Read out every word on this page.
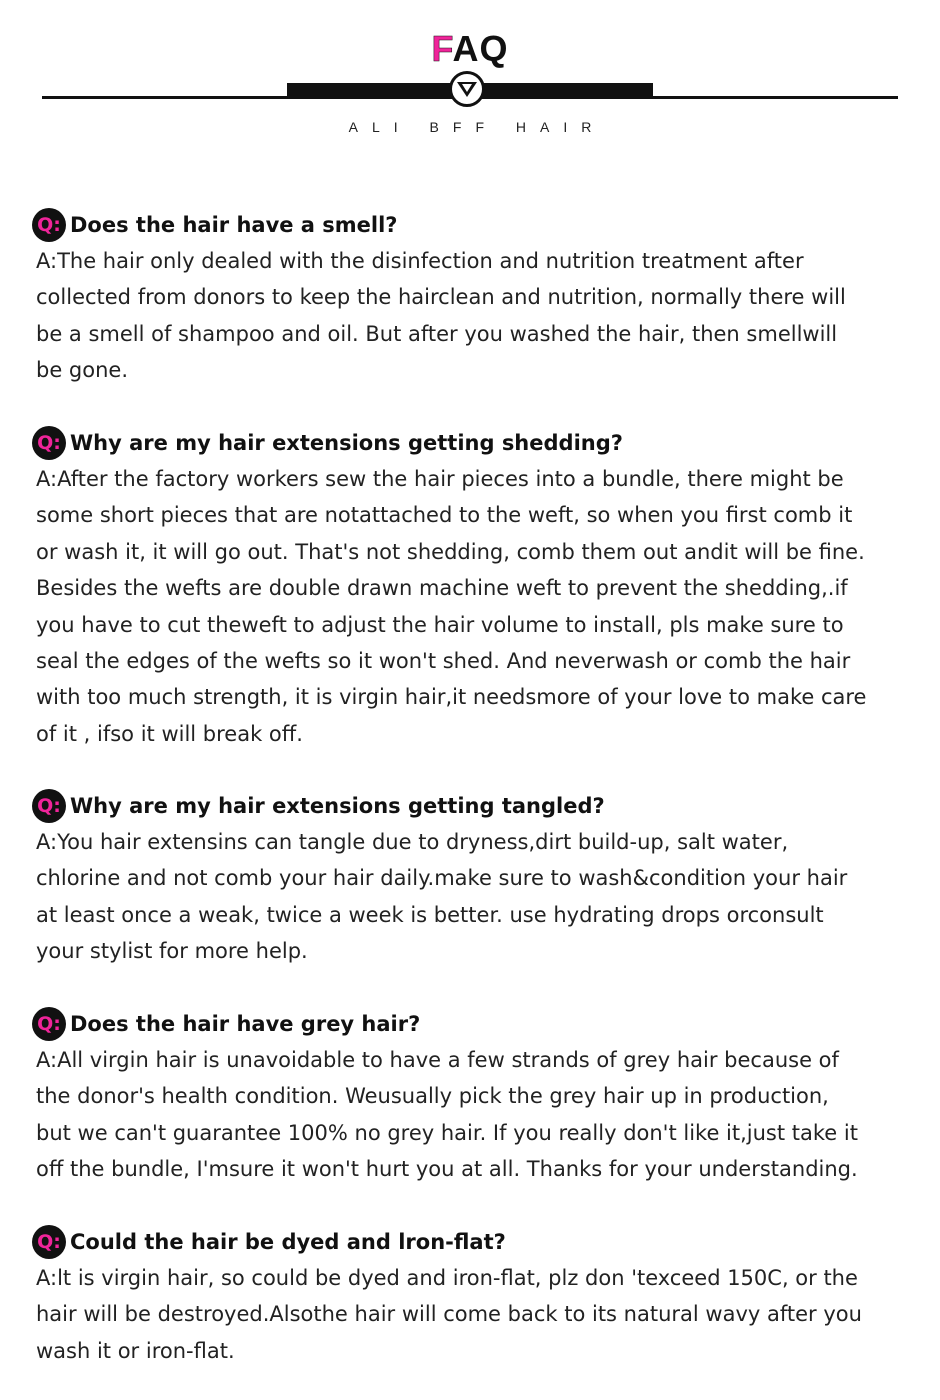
FAQ
ALI BFF HAIR
Q: Does the hair have a smell?

A:The hair only dealed with the disinfection and nutrition treatment after
collected from donors to keep the hairclean and nutrition, normally there will
be a smell of shampoo and oil. But after you washed the hair, then smellwill
be gone.

Q: Why are my hair extensions getting shedding?

A:After the factory workers sew the hair pieces into a bundle, there might be
some short pieces that are notattached to the weft, so when you first comb it
or wash it, it will go out. That's not shedding, comb them out andit will be fine.
Besides the wefts are double drawn machine weft to prevent the shedding,.if
you have to cut theweft to adjust the hair volume to install, pls make sure to
seal the edges of the wefts so it won't shed. And neverwash or comb the hair
with too much strength, it is virgin hair,it needsmore of your love to make care
of it , ifso it will break off.

Q: Why are my hair extensions getting tangled?

A:You hair extensins can tangle due to dryness,dirt build-up, salt water,
chlorine and not comb your hair daily.make sure to wash&condition your hair
at least once a weak, twice a week is better. use hydrating drops orconsult
your stylist for more help.

Q: Does the hair have grey hair?

A:All virgin hair is unavoidable to have a few strands of grey hair because of
the donor's health condition. Weusually pick the grey hair up in production,
but we can't guarantee 100% no grey hair. If you really don't like it,just take it
off the bundle, I'msure it won't hurt you at all. Thanks for your understanding.

Q: Could the hair be dyed and lron-flat?

A:lt is virgin hair, so could be dyed and iron-flat, plz don 'texceed 150C, or the
hair will be destroyed.Alsothe hair will come back to its natural wavy after you
wash it or iron-flat.
